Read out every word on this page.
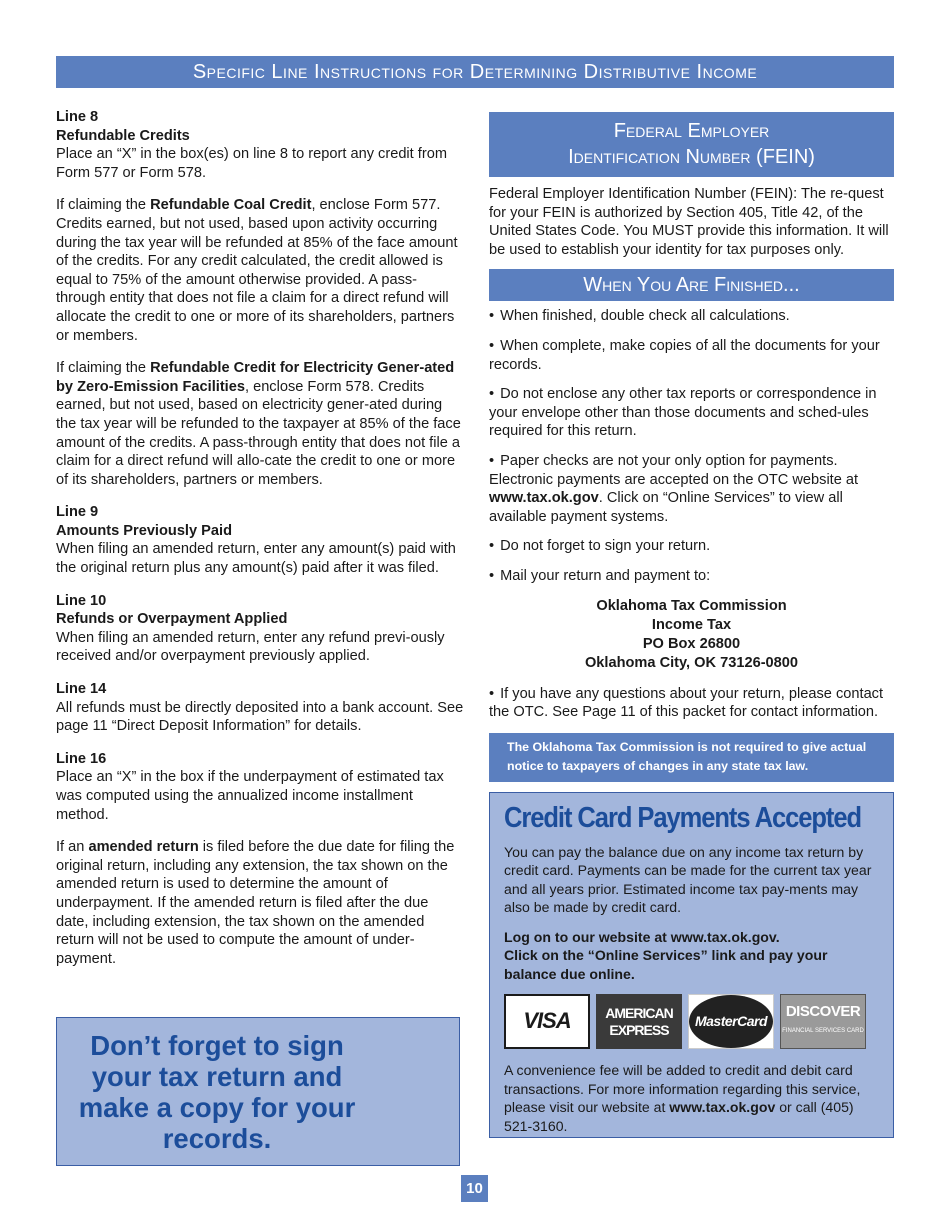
Specific Line Instructions for Determining Distributive Income

Line 8
Refundable Credits
Place an “X” in the box(es) on line 8 to report any credit from Form 577 or Form 578.

If claiming the Refundable Coal Credit, enclose Form 577. Credits earned, but not used, based upon activity occurring during the tax year will be refunded at 85% of the face amount of the credits. For any credit calculated, the credit allowed is equal to 75% of the amount otherwise provided. A pass-through entity that does not file a claim for a direct refund will allocate the credit to one or more of its shareholders, partners or members.

If claiming the Refundable Credit for Electricity Gener-ated by Zero-Emission Facilities, enclose Form 578. Credits earned, but not used, based on electricity gener-ated during the tax year will be refunded to the taxpayer at 85% of the face amount of the credits. A pass-through entity that does not file a claim for a direct refund will allo-cate the credit to one or more of its shareholders, partners or members.

Line 9
Amounts Previously Paid
When filing an amended return, enter any amount(s) paid with the original return plus any amount(s) paid after it was filed.

Line 10
Refunds or Overpayment Applied
When filing an amended return, enter any refund previ-ously received and/or overpayment previously applied.

Line 14
All refunds must be directly deposited into a bank account. See page 11 “Direct Deposit Information” for details.

Line 16
Place an “X” in the box if the underpayment of estimated tax was computed using the annualized income installment method.

If an amended return is filed before the due date for filing the original return, including any extension, the tax shown on the amended return is used to determine the amount of underpayment. If the amended return is filed after the due date, including extension, the tax shown on the amended return will not be used to compute the amount of under-payment.

Don’t forget to sign your tax return and make a copy for your records.
Federal Employer
Identification Number (FEIN)

Federal Employer Identification Number (FEIN): The re-quest for your FEIN is authorized by Section 405, Title 42, of the United States Code. You MUST provide this information. It will be used to establish your identity for tax purposes only.

When You Are Finished...

• When finished, double check all calculations.

• When complete, make copies of all the documents for your records.

• Do not enclose any other tax reports or correspondence in your envelope other than those documents and sched-ules required for this return.

• Paper checks are not your only option for payments. Electronic payments are accepted on the OTC website at www.tax.ok.gov. Click on “Online Services” to view all available payment systems.

• Do not forget to sign your return.

• Mail your return and payment to:

Oklahoma Tax Commission
Income Tax
PO Box 26800
Oklahoma City, OK 73126-0800

• If you have any questions about your return, please contact the OTC. See Page 11 of this packet for contact information.

The Oklahoma Tax Commission is not required to give actual notice to taxpayers of changes in any state tax law.
Credit Card Payments Accepted

You can pay the balance due on any income tax return by credit card. Payments can be made for the current tax year and all years prior. Estimated income tax pay-ments may also be made by credit card.

Log on to our website at www.tax.ok.gov.
Click on the “Online Services” link and pay your balance due online.

VISA AMERICAN
EXPRESS
MasterCard
DISCOVER
FINANCIAL SERVICES CARD

A convenience fee will be added to credit and debit card transactions. For more information regarding this service, please visit our website at www.tax.ok.gov or call (405) 521-3160.

10
